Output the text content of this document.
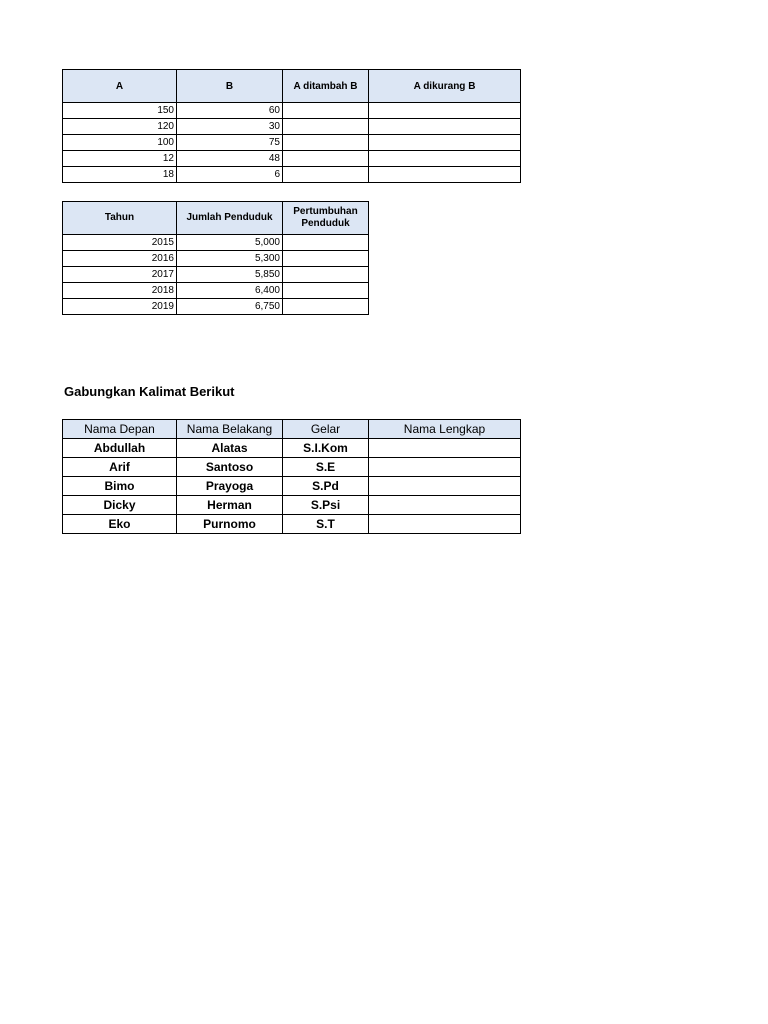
A	B	A ditambah B	A dikurang B
150	60		
120	30		
100	75		
12	48		
18	6		
Tahun	Jumlah Penduduk	Pertumbuhan Penduduk
2015	5,000	
2016	5,300	
2017	5,850	
2018	6,400	
2019	6,750	
Gabungkan Kalimat Berikut
Nama Depan	Nama Belakang	Gelar	Nama Lengkap
Abdullah	Alatas	S.I.Kom	
Arif	Santoso	S.E	
Bimo	Prayoga	S.Pd	
Dicky	Herman	S.Psi	
Eko	Purnomo	S.T	
